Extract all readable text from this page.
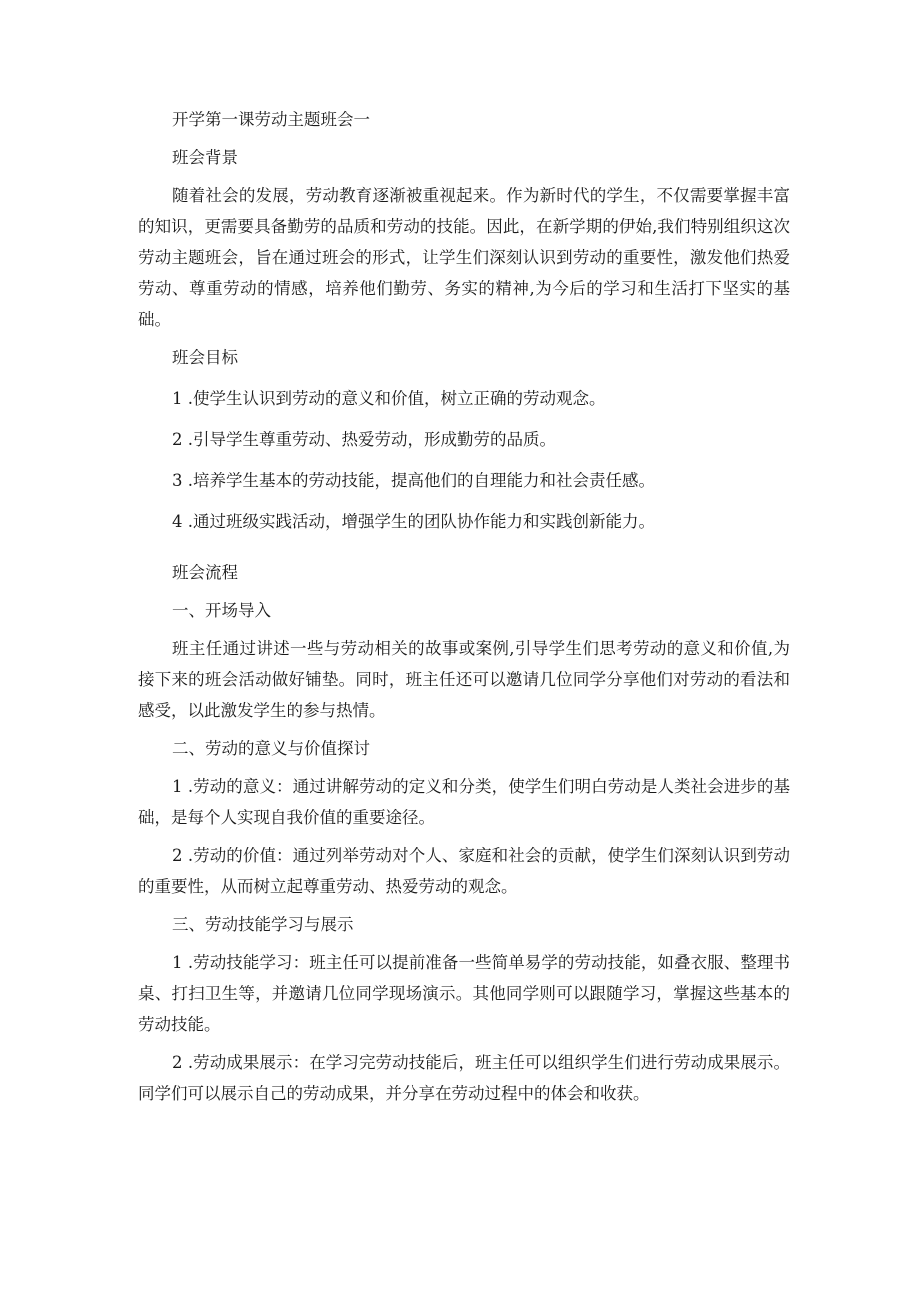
开学第一课劳动主题班会一

班会背景

随着社会的发展，劳动教育逐渐被重视起来。作为新时代的学生，不仅需要掌握丰富的知识，更需要具备勤劳的品质和劳动的技能。因此，在新学期的伊始,我们特别组织这次劳动主题班会，旨在通过班会的形式，让学生们深刻认识到劳动的重要性，激发他们热爱劳动、尊重劳动的情感，培养他们勤劳、务实的精神,为今后的学习和生活打下坚实的基础。

班会目标

1 .使学生认识到劳动的意义和价值，树立正确的劳动观念。

2 .引导学生尊重劳动、热爱劳动，形成勤劳的品质。

3 .培养学生基本的劳动技能，提高他们的自理能力和社会责任感。

4 .通过班级实践活动，增强学生的团队协作能力和实践创新能力。

班会流程

一、开场导入

班主任通过讲述一些与劳动相关的故事或案例,引导学生们思考劳动的意义和价值,为接下来的班会活动做好铺垫。同时，班主任还可以邀请几位同学分享他们对劳动的看法和感受，以此激发学生的参与热情。

二、劳动的意义与价值探讨

1 .劳动的意义：通过讲解劳动的定义和分类，使学生们明白劳动是人类社会进步的基础，是每个人实现自我价值的重要途径。

2 .劳动的价值：通过列举劳动对个人、家庭和社会的贡献，使学生们深刻认识到劳动的重要性，从而树立起尊重劳动、热爱劳动的观念。

三、劳动技能学习与展示

1 .劳动技能学习：班主任可以提前准备一些简单易学的劳动技能，如叠衣服、整理书桌、打扫卫生等，并邀请几位同学现场演示。其他同学则可以跟随学习，掌握这些基本的劳动技能。

2 .劳动成果展示：在学习完劳动技能后，班主任可以组织学生们进行劳动成果展示。同学们可以展示自己的劳动成果，并分享在劳动过程中的体会和收获。
